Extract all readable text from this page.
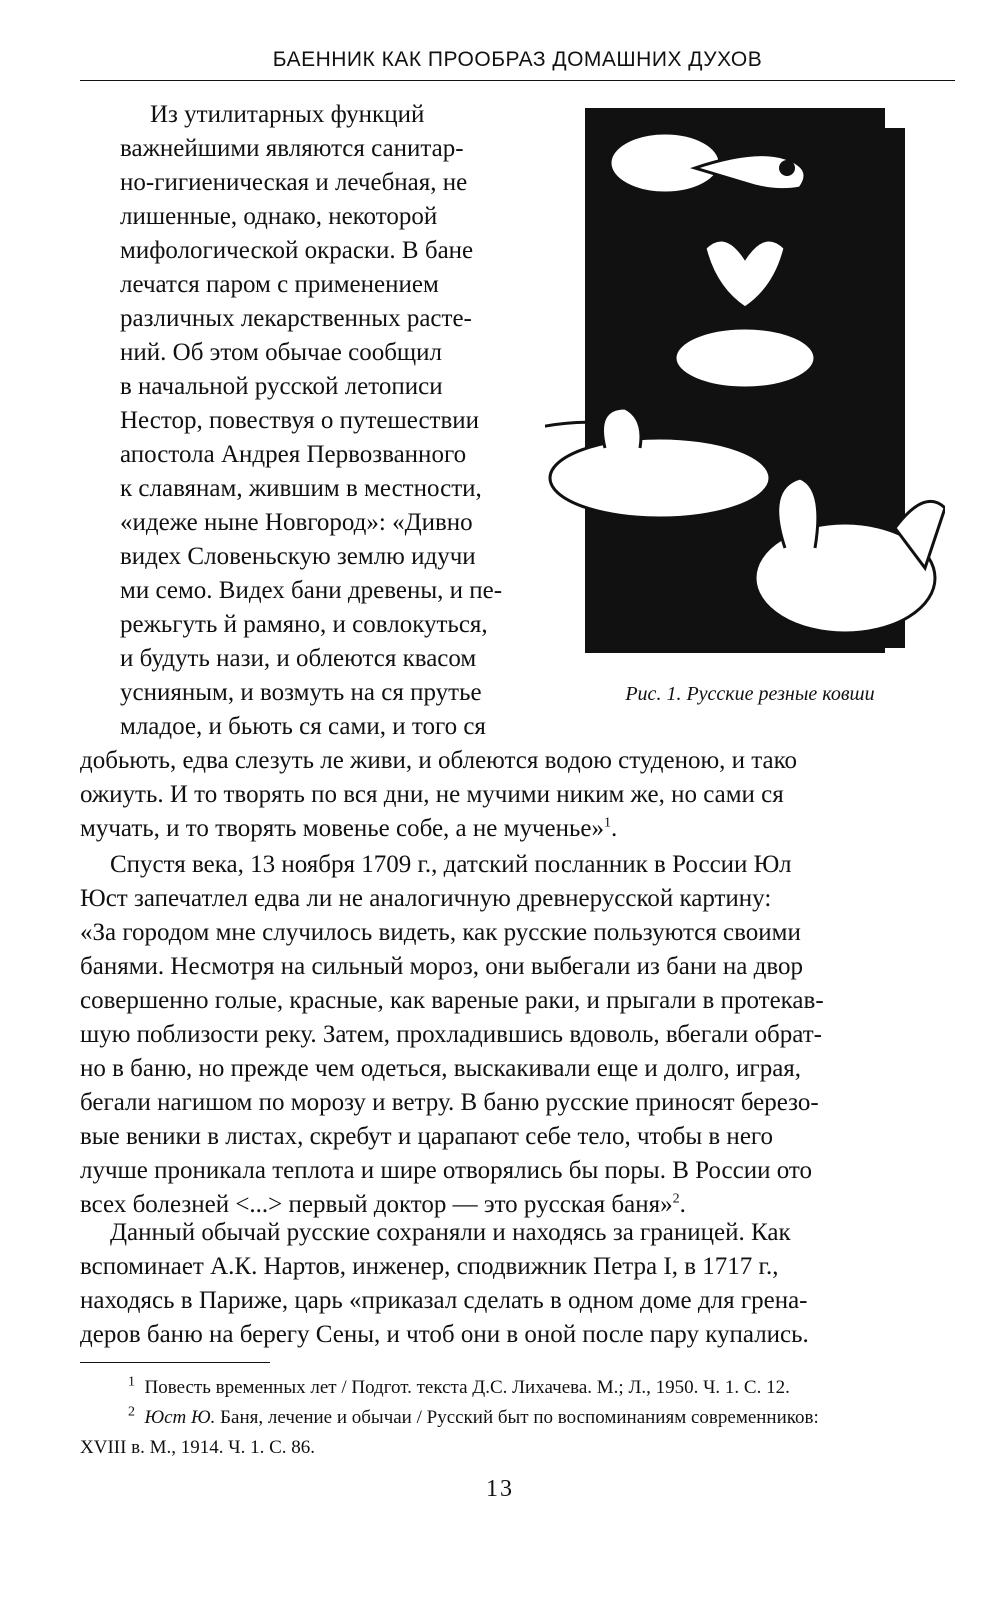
БАЕННИК КАК ПРООБРАЗ ДОМАШНИХ ДУХОВ

Из утилитарных функций

важнейшими являются санитар-

но-гигиеническая и лечебная, не

лишенные, однако, некоторой

мифологической окраски. В бане

лечатся паром с применением

различных лекарственных расте-

ний. Об этом обычае сообщил

в начальной русской летописи

Нестор, повествуя о путешествии

апостола Андрея Первозванного

к славянам, жившим в местности,

«идеже ныне Новгород»: «Дивно

видех Словеньскую землю идучи

ми семо. Видех бани древены, и пе-

режьгуть й рамяно, и совлокуться,

и будуть нази, и облеются квасом

уснияным, и возмуть на ся прутье

младое, и бьють ся сами, и того ся

Рис. 1. Русские резные ковши

добьють, едва слезуть ле живи, и облеются водою студеною, и тако

ожиуть. И то творять по вся дни, не мучими никим же, но сами ся

мучать, и то творять мовенье собе, а не мученье»$^1$.

Спустя века, 13 ноября 1709 г., датский посланник в России Юл

Юст запечатлел едва ли не аналогичную древнерусской картину:

«За городом мне случилось видеть, как русские пользуются своими

банями. Несмотря на сильный мороз, они выбегали из бани на двор

совершенно голые, красные, как вареные раки, и прыгали в протекав-

шую поблизости реку. Затем, прохладившись вдоволь, вбегали обрат-

но в баню, но прежде чем одеться, выскакивали еще и долго, играя,

бегали нагишом по морозу и ветру. В баню русские приносят березо-

вые веники в листах, скребут и царапают себе тело, чтобы в него

лучше проникала теплота и шире отворялись бы поры. В России ото

всех болезней <...> первый доктор — это русская баня»$^2$.

Данный обычай русские сохраняли и находясь за границей. Как

вспоминает А.К. Нартов, инженер, сподвижник Петра I, в 1717 г.,

находясь в Париже, царь «приказал сделать в одном доме для грена-

деров баню на берегу Сены, и чтоб они в оной после пару купались.

$^1$ Повесть временных лет / Подгот. текста Д.С. Лихачева. М.; Л., 1950. Ч. 1. С. 12.

$^2$ Юст Ю. Баня, лечение и обычаи / Русский быт по воспоминаниям современников:

XVIII в. М., 1914. Ч. 1. С. 86.

13
